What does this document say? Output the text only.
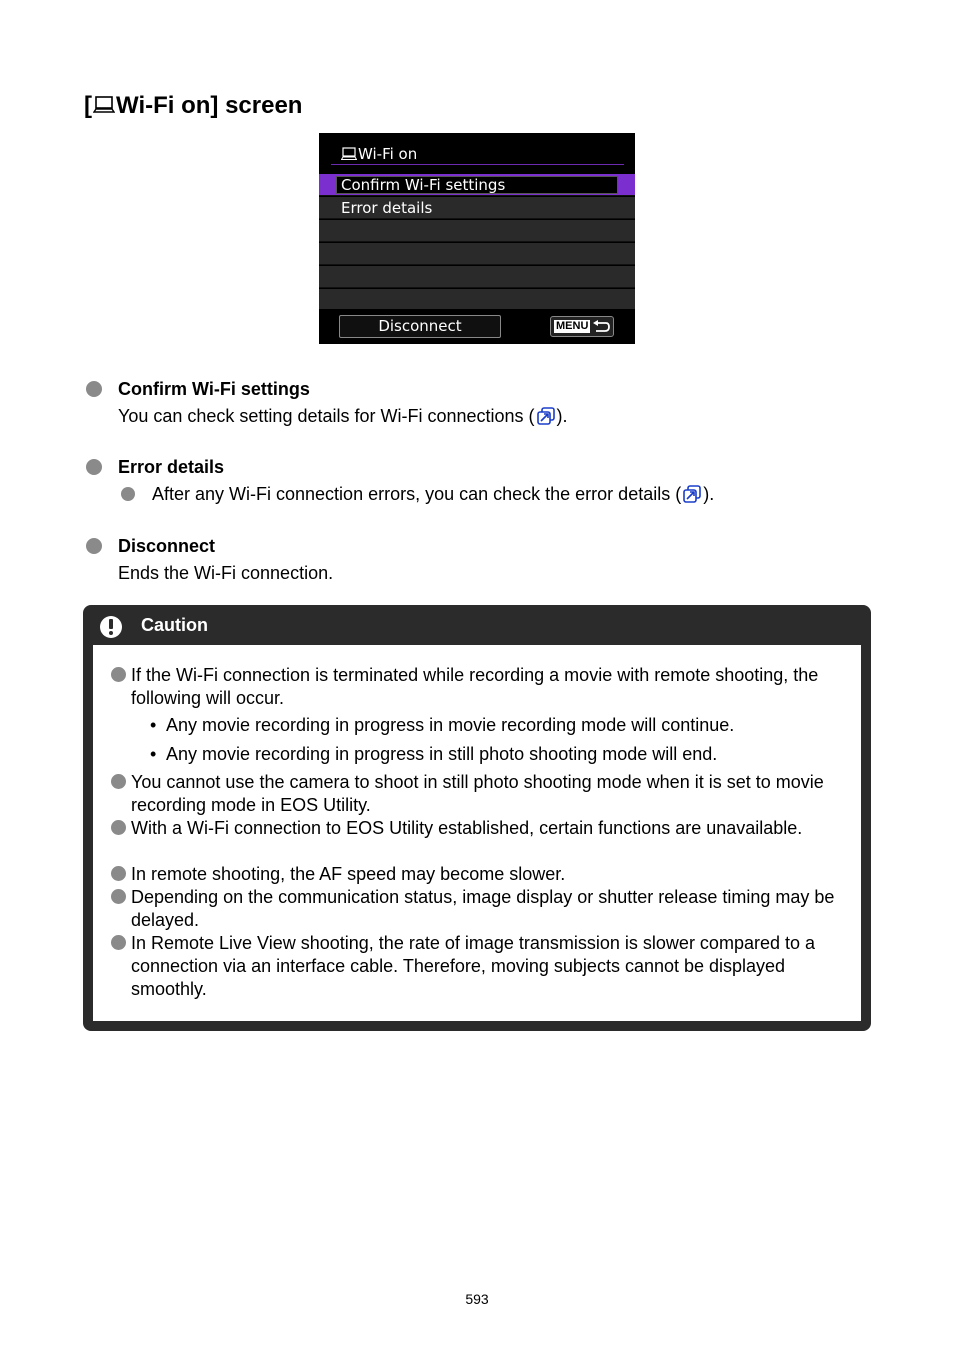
[ Wi-Fi on] screen
Wi-Fi on
Confirm Wi-Fi settings
Error details
Disconnect	MENU
Confirm Wi-Fi settings
You can check setting details for Wi-Fi connections ( ).
Error details
After any Wi-Fi connection errors, you can check the error details ( ).
Disconnect
Ends the Wi-Fi connection.
Caution
If the Wi-Fi connection is terminated while recording a movie with remote shooting, the following will occur.
• Any movie recording in progress in movie recording mode will continue.
• Any movie recording in progress in still photo shooting mode will end.
You cannot use the camera to shoot in still photo shooting mode when it is set to movie recording mode in EOS Utility.
With a Wi-Fi connection to EOS Utility established, certain functions are unavailable.
In remote shooting, the AF speed may become slower.
Depending on the communication status, image display or shutter release timing may be delayed.
In Remote Live View shooting, the rate of image transmission is slower compared to a connection via an interface cable. Therefore, moving subjects cannot be displayed smoothly.
593
